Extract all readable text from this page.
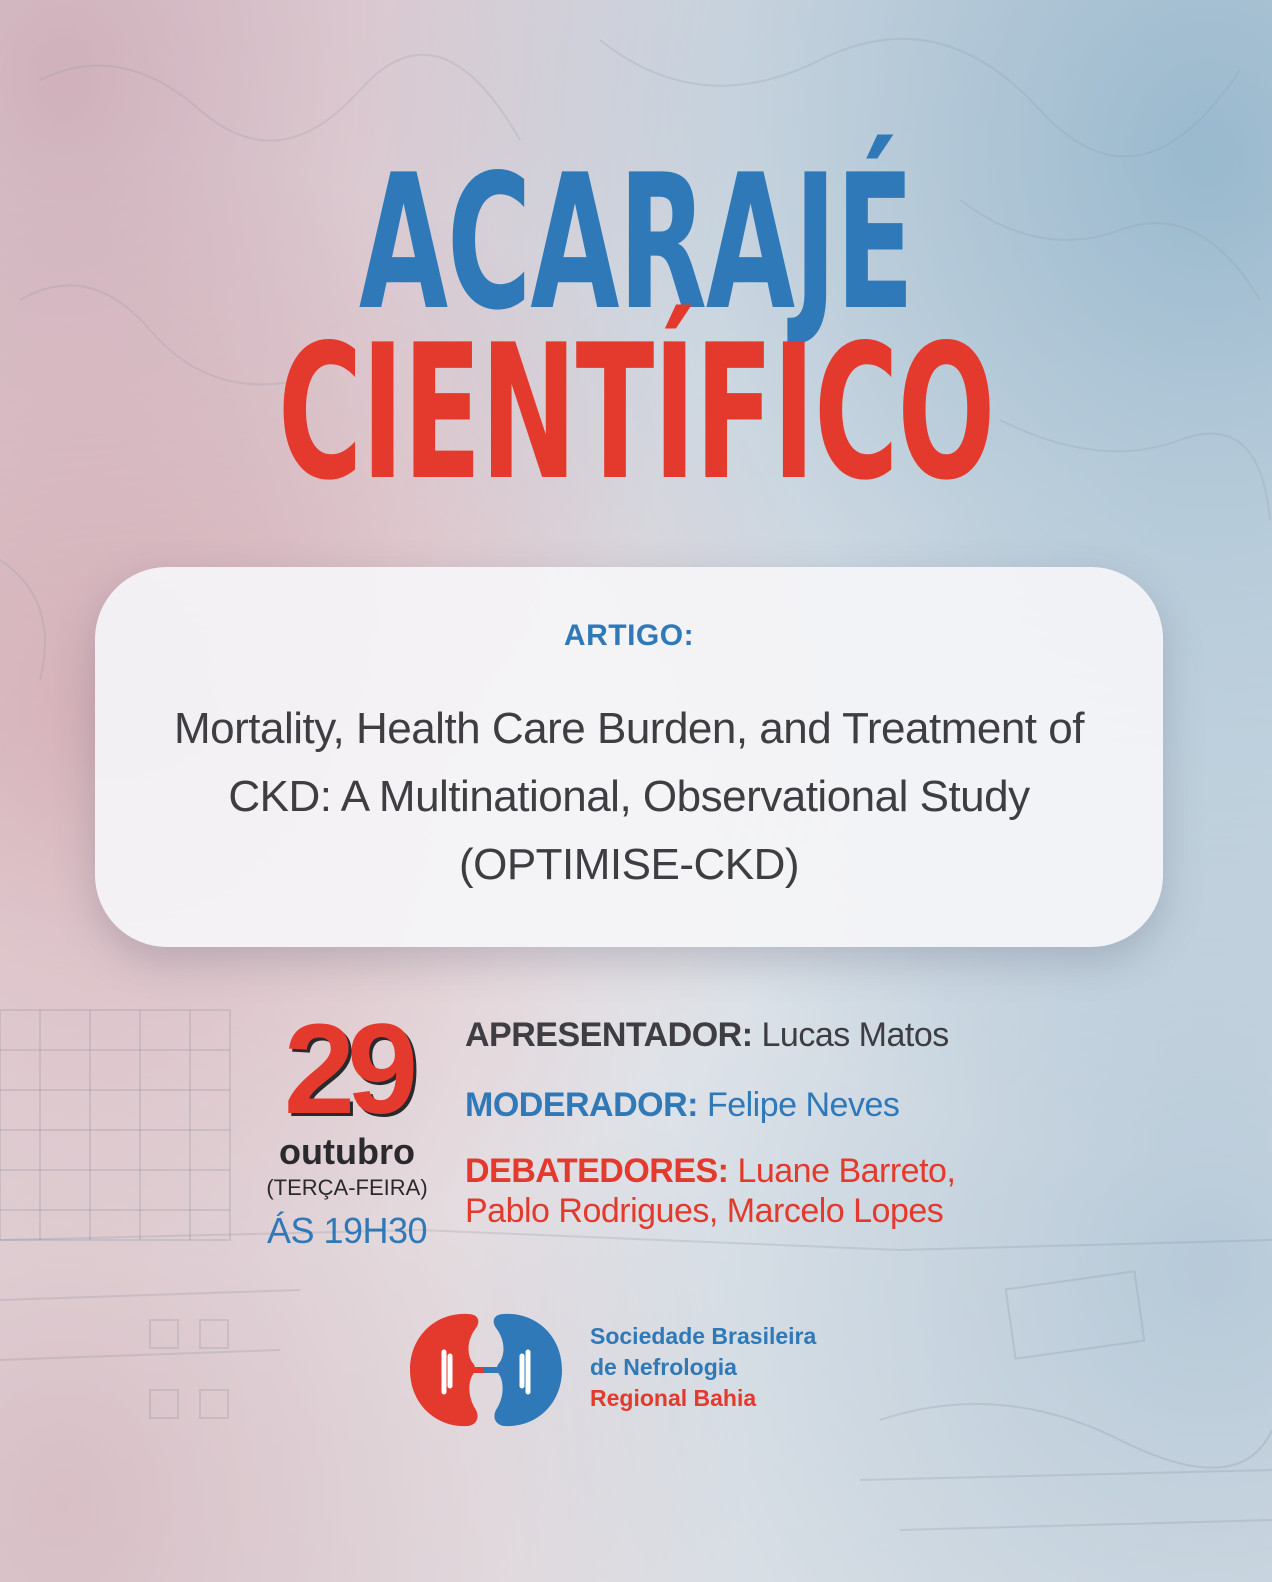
ACARAJÉ
CIENTÍFICO
ARTIGO:
Mortality, Health Care Burden, and Treatment of CKD: A Multinational, Observational Study (OPTIMISE-CKD)
29
outubro
(TERÇA-FEIRA)
ÁS 19H30

APRESENTADOR: Lucas Matos

MODERADOR: Felipe Neves

DEBATEDORES: Luane Barreto,
Pablo Rodrigues, Marcelo Lopes

Sociedade Brasileira
de Nefrologia
Regional Bahia
